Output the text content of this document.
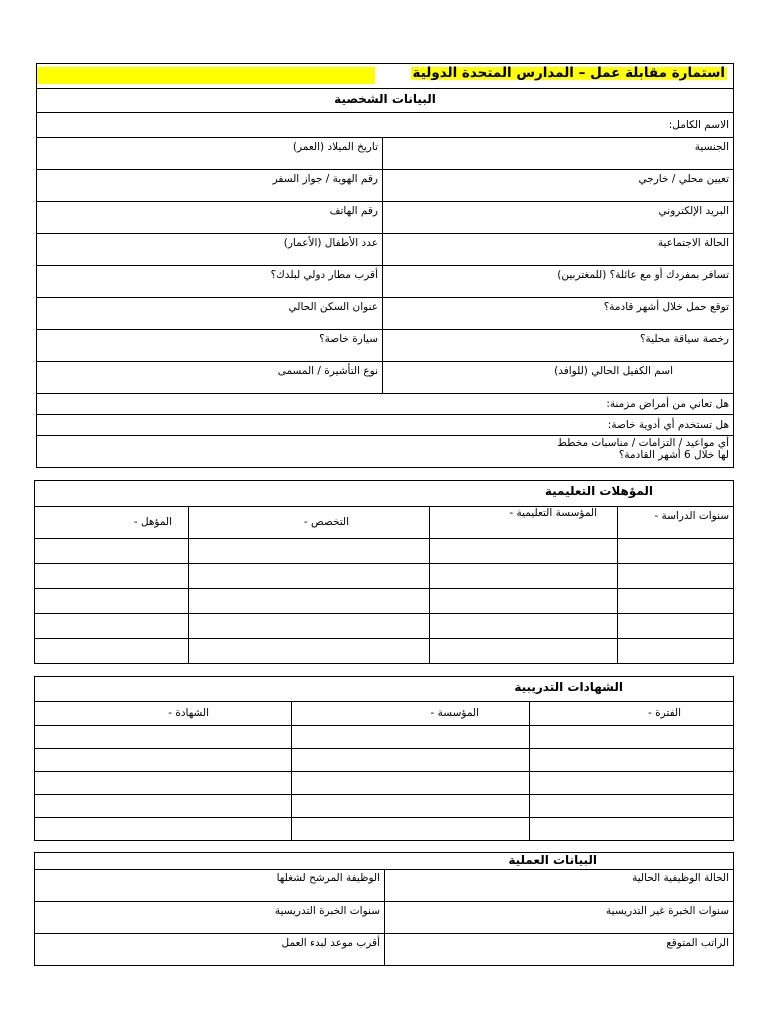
استمارة مقابلة عمل – المدارس المتحدة الدولية	

البيانات الشخصية	
الاسم الكامل:	
الجنسية	تاريخ الميلاد (العمر)
تعيين محلي / خارجي	رقم الهوية / جواز السفر
البريد الإلكتروني	رقم الهاتف
الحالة الاجتماعية	عدد الأطفال (الأعمار)
تسافر بمفردك أو مع عائلة؟ (للمغتربين)	أقرب مطار دولي لبلدك؟
توقع حمل خلال أشهر قادمة؟	عنوان السكن الحالي
رخصة سياقة محلية؟	سيارة خاصة؟
اسم الكفيل الحالي (للوافد)	نوع التأشيرة / المسمى
هل تعاني من أمراض مزمنة:	
هل تستخدم أي أدوية خاصة:	

أي مواعيد / التزامات / مناسبات مخطط
لها خلال 6 أشهر القادمة؟	
المؤهلات التعليمية			
سنوات الدراسة -	المؤسسة التعليمية -	التخصص -	المؤهل -

الشهادات التدريبية		
الفترة -	المؤسسة -	الشهادة -

البيانات العملية	
الحالة الوظيفية الحالية	الوظيفة المرشح لشغلها
سنوات الخبرة غير التدريسية	سنوات الخبرة التدريسية
الراتب المتوقع	أقرب موعد لبدء العمل
